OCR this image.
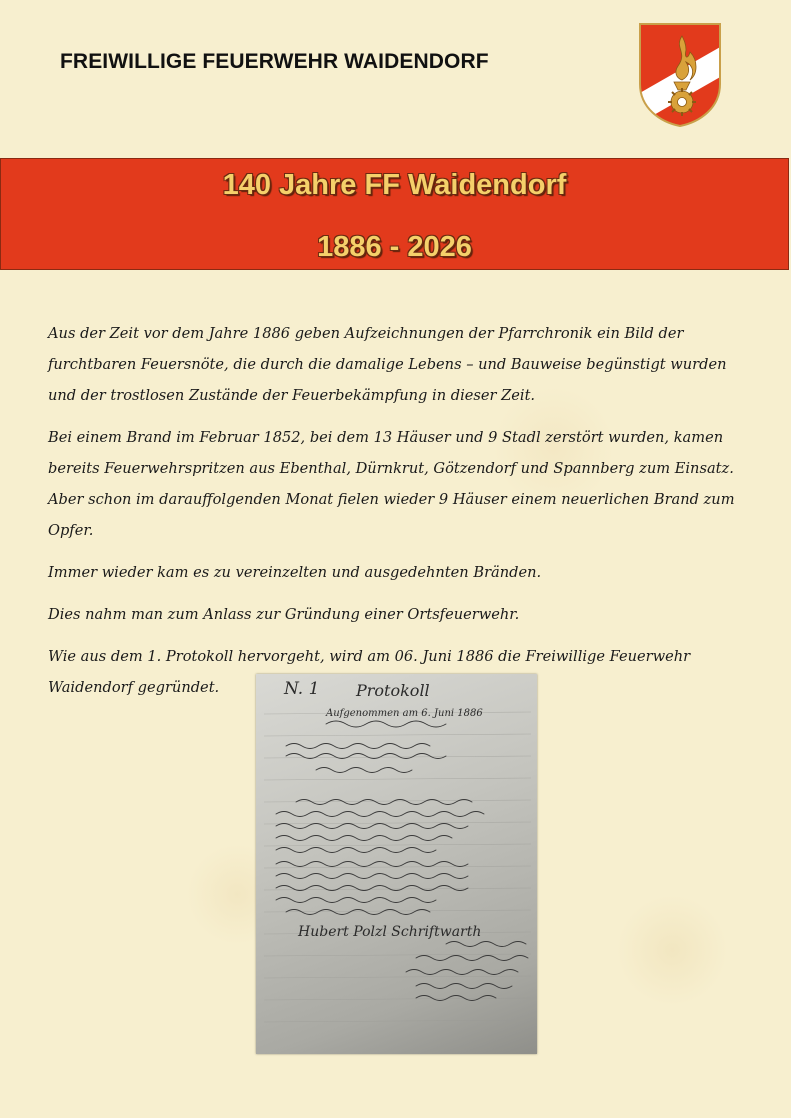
FREIWILLIGE FEUERWEHR WAIDENDORF

140 Jahre FF Waidendorf

1886 - 2026

Aus der Zeit vor dem Jahre 1886 geben Aufzeichnungen der Pfarrchronik ein Bild der furchtbaren Feuersnöte, die durch die damalige Lebens – und Bauweise begünstigt wurden und der trostlosen Zustände der Feuerbekämpfung in dieser Zeit.

Bei einem Brand im Februar 1852, bei dem 13 Häuser und 9 Stadl zerstört wurden, kamen bereits Feuerwehrspritzen aus Ebenthal, Dürnkrut, Götzendorf und Spannberg zum Einsatz. Aber schon im darauffolgenden Monat fielen wieder 9 Häuser einem neuerlichen Brand zum Opfer.

Immer wieder kam es zu vereinzelten und ausgedehnten Bränden.

Dies nahm man zum Anlass zur Gründung einer Ortsfeuerwehr.

Wie aus dem 1. Protokoll hervorgeht, wird am 06. Juni 1886 die Freiwillige Feuerwehr Waidendorf gegründet.	N. 1 Protokoll
Aufgenommen am 6. Juni 1886
Hubert Polzl Schriftwarth
